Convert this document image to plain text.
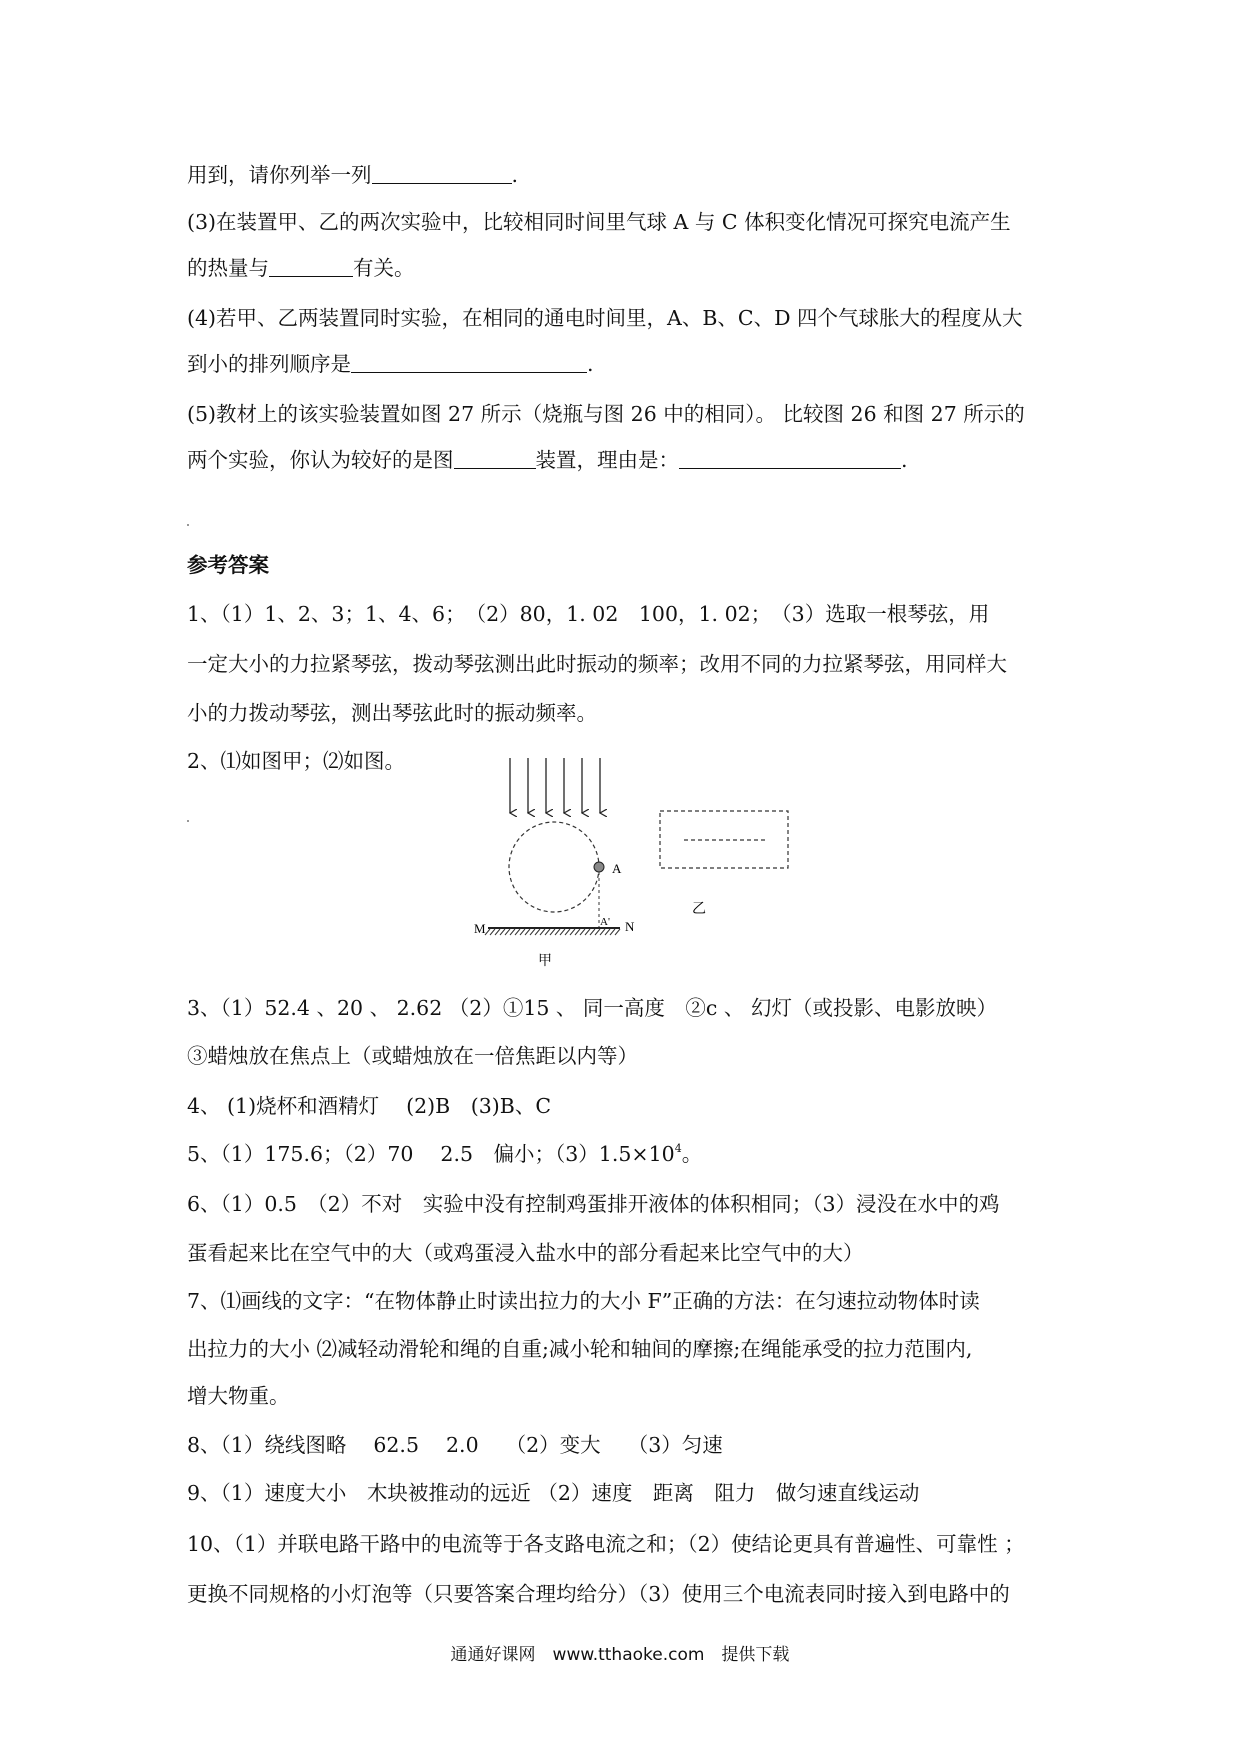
用到，请你列举一列	.
(3)在装置甲、乙的两次实验中，比较相同时间里气球 A 与 C 体积变化情况可探究电流产生
的热量与	有关。
(4)若甲、乙两装置同时实验，在相同的通电时间里，A、B、C、D 四个气球胀大的程度从大
到小的排列顺序是	.
(5)教材上的该实验装置如图 27 所示（烧瓶与图 26 中的相同）。 比较图 26 和图 27 所示的
两个实验，你认为较好的是图	装置，理由是：	.
参考答案
1、（1）1、2、3；1、4、6；　（2）80，1. 02　100，1. 02；　（3）选取一根琴弦，用
一定大小的力拉紧琴弦，拨动琴弦测出此时振动的频率；改用不同的力拉紧琴弦，用同样大
小的力拨动琴弦，测出琴弦此时的振动频率。
2、⑴如图甲；⑵如图。
A
A'
M	N
甲
乙
3、（1）52.4 、20 、 2.62 （2）①15 、 同一高度　②c 、 幻灯（或投影、电影放映）
③蜡烛放在焦点上（或蜡烛放在一倍焦距以内等）
4、 (1)烧杯和酒精灯　 (2)B　(3)B、C
5、（1）175.6；（2）70　 2.5　偏小；$(3)1.5\times 10^4$。
6、（1）0.5　（2）不对　实验中没有控制鸡蛋排开液体的体积相同；（3）浸没在水中的鸡
蛋看起来比在空气中的大（或鸡蛋浸入盐水中的部分看起来比空气中的大）
7、⑴画线的文字：“在物体静止时读出拉力的大小 F”正确的方法：在匀速拉动物体时读
出拉力的大小 ⑵减轻动滑轮和绳的自重;减小轮和轴间的摩擦;在绳能承受的拉力范围内,
增大物重。
8、（1）绕线图略　 62.5　 2.0　 （2）变大　 （3）匀速
9、（1）速度大小　木块被推动的远近 （2）速度　距离　阻力　做匀速直线运动
10、（1）并联电路干路中的电流等于各支路电流之和；（2）使结论更具有普遍性、可靠性 ；
更换不同规格的小灯泡等（只要答案合理均给分）（3）使用三个电流表同时接入到电路中的
通通好课网　www.tthaoke.com　提供下载
